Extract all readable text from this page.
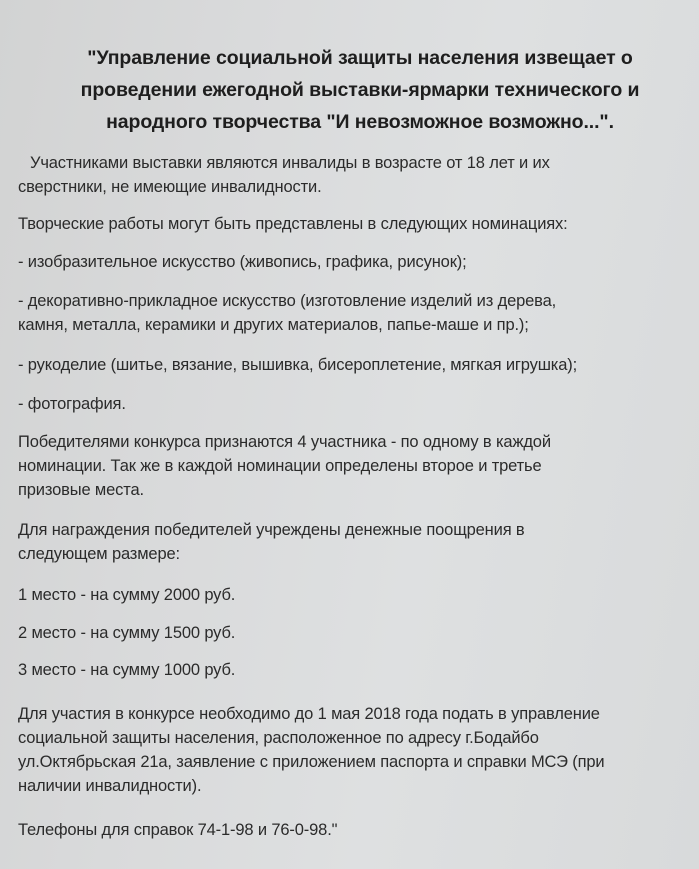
"Управление социальной защиты населения извещает о
проведении ежегодной выставки-ярмарки технического и
народного творчества "И невозможное возможно...".
Участниками выставки являются инвалиды в возрасте от 18 лет и их
сверстники, не имеющие инвалидности.
Творческие работы могут быть представлены в следующих номинациях:
- изобразительное искусство (живопись, графика, рисунок);
- декоративно-прикладное искусство (изготовление изделий из дерева,
камня, металла, керамики и других материалов, папье-маше и пр.);
- рукоделие (шитье, вязание, вышивка, бисероплетение, мягкая игрушка);
- фотография.
Победителями конкурса признаются 4 участника - по одному в каждой
номинации. Так же в каждой номинации определены второе и третье
призовые места.
Для награждения победителей учреждены денежные поощрения в
следующем размере:
1 место - на сумму 2000 руб.
2 место - на сумму 1500 руб.
3 место - на сумму 1000 руб.
Для участия в конкурсе необходимо до 1 мая 2018 года подать в управление
социальной защиты населения, расположенное по адресу г.Бодайбо
ул.Октябрьская 21а, заявление с приложением паспорта и справки МСЭ (при
наличии инвалидности).
Телефоны для справок 74-1-98 и 76-0-98."
